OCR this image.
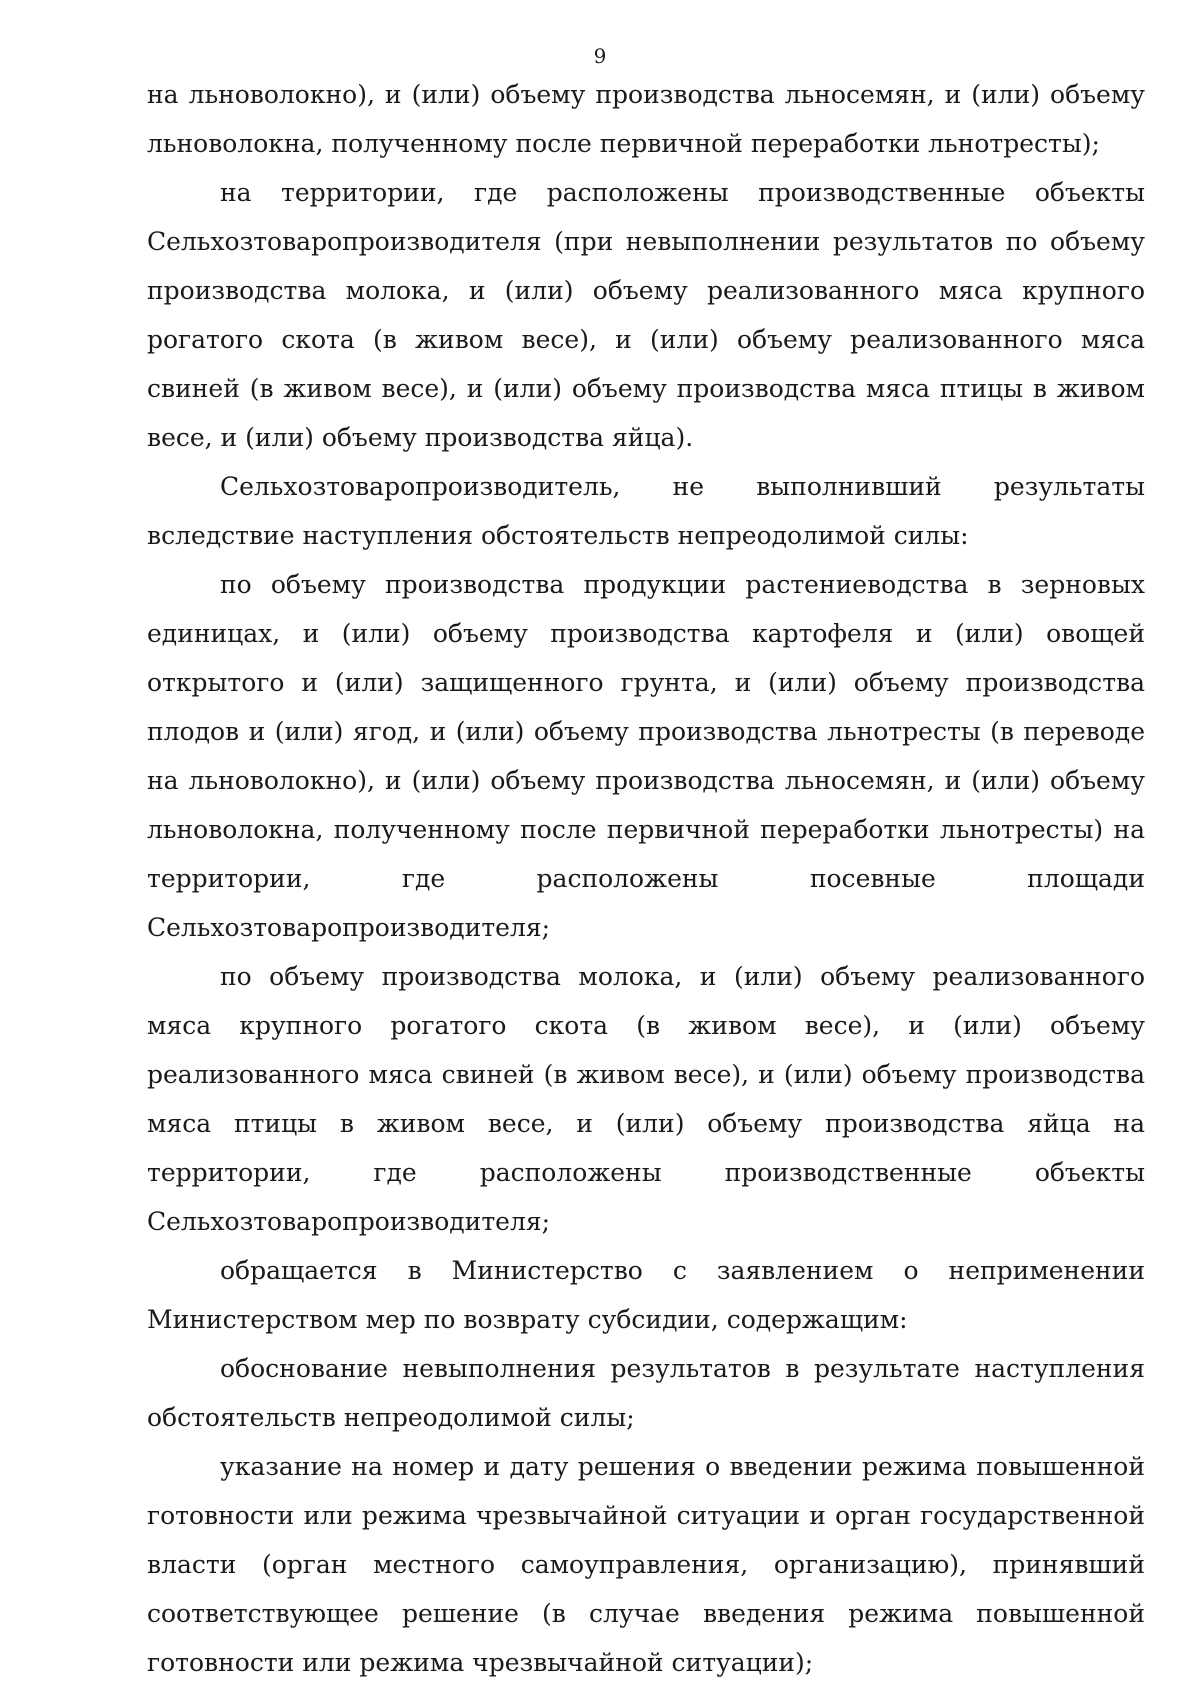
9

на льноволокно), и (или) объему производства льносемян, и (или) объему льноволокна, полученному после первичной переработки льнотресты);

на территории, где расположены производственные объекты Сельхозтоваропроизводителя (при невыполнении результатов по объему производства молока, и (или) объему реализованного мяса крупного рогатого скота (в живом весе), и (или) объему реализованного мяса свиней (в живом весе), и (или) объему производства мяса птицы в живом весе, и (или) объему производства яйца).

Сельхозтоваропроизводитель, не выполнивший результаты вследствие наступления обстоятельств непреодолимой силы:

по объему производства продукции растениеводства в зерновых единицах, и (или) объему производства картофеля и (или) овощей открытого и (или) защищенного грунта, и (или) объему производства плодов и (или) ягод, и (или) объему производства льнотресты (в переводе на льноволокно), и (или) объему производства льносемян, и (или) объему льноволокна, полученному после первичной переработки льнотресты) на территории, где расположены посевные площади Сельхозтоваропроизводителя;

по объему производства молока, и (или) объему реализованного мяса крупного рогатого скота (в живом весе), и (или) объему реализованного мяса свиней (в живом весе), и (или) объему производства мяса птицы в живом весе, и (или) объему производства яйца на территории, где расположены производственные объекты Сельхозтоваропроизводителя;

обращается в Министерство с заявлением о неприменении Министерством мер по возврату субсидии, содержащим:

обоснование невыполнения результатов в результате наступления обстоятельств непреодолимой силы;

указание на номер и дату решения о введении режима повышенной готовности или режима чрезвычайной ситуации и орган государственной власти (орган местного самоуправления, организацию), принявший соответствующее решение (в случае введения режима повышенной готовности или режима чрезвычайной ситуации);
